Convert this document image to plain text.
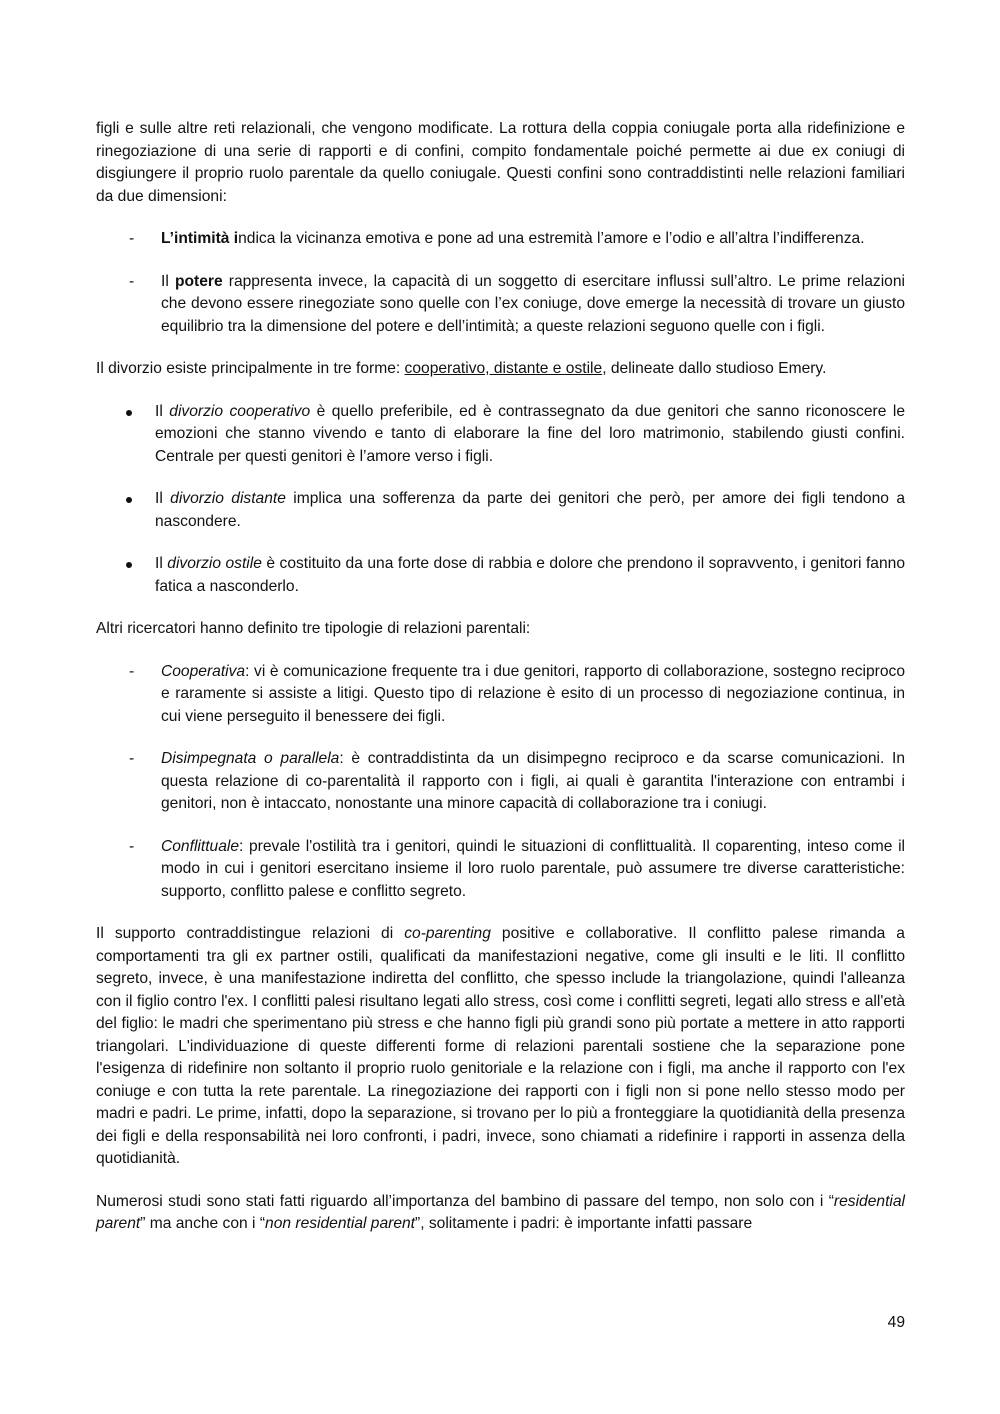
figli e sulle altre reti relazionali, che vengono modificate. La rottura della coppia coniugale porta alla ridefinizione e rinegoziazione di una serie di rapporti e di confini, compito fondamentale poiché permette ai due ex coniugi di disgiungere il proprio ruolo parentale da quello coniugale. Questi confini sono contraddistinti nelle relazioni familiari da due dimensioni:

- L’intimità indica la vicinanza emotiva e pone ad una estremità l’amore e l’odio e all’altra l’indifferenza.
- Il potere rappresenta invece, la capacità di un soggetto di esercitare influssi sull’altro. Le prime relazioni che devono essere rinegoziate sono quelle con l’ex coniuge, dove emerge la necessità di trovare un giusto equilibrio tra la dimensione del potere e dell’intimità; a queste relazioni seguono quelle con i figli.

Il divorzio esiste principalmente in tre forme: cooperativo, distante e ostile, delineate dallo studioso Emery.

Il divorzio cooperativo è quello preferibile, ed è contrassegnato da due genitori che sanno riconoscere le emozioni che stanno vivendo e tanto di elaborare la fine del loro matrimonio, stabilendo giusti confini. Centrale per questi genitori è l’amore verso i figli.
Il divorzio distante implica una sofferenza da parte dei genitori che però, per amore dei figli tendono a nascondere.
Il divorzio ostile è costituito da una forte dose di rabbia e dolore che prendono il sopravvento, i genitori fanno fatica a nasconderlo.

Altri ricercatori hanno definito tre tipologie di relazioni parentali:

- Cooperativa: vi è comunicazione frequente tra i due genitori, rapporto di collaborazione, sostegno reciproco e raramente si assiste a litigi. Questo tipo di relazione è esito di un processo di negoziazione continua, in cui viene perseguito il benessere dei figli.
- Disimpegnata o parallela: è contraddistinta da un disimpegno reciproco e da scarse comunicazioni. In questa relazione di co-parentalità il rapporto con i figli, ai quali è garantita l'interazione con entrambi i genitori, non è intaccato, nonostante una minore capacità di collaborazione tra i coniugi.
- Conflittuale: prevale l'ostilità tra i genitori, quindi le situazioni di conflittualità. Il coparenting, inteso come il modo in cui i genitori esercitano insieme il loro ruolo parentale, può assumere tre diverse caratteristiche: supporto, conflitto palese e conflitto segreto.

Il supporto contraddistingue relazioni di co-parenting positive e collaborative. Il conflitto palese rimanda a comportamenti tra gli ex partner ostili, qualificati da manifestazioni negative, come gli insulti e le liti. Il conflitto segreto, invece, è una manifestazione indiretta del conflitto, che spesso include la triangolazione, quindi l'alleanza con il figlio contro l'ex. I conflitti palesi risultano legati allo stress, così come i conflitti segreti, legati allo stress e all'età del figlio: le madri che sperimentano più stress e che hanno figli più grandi sono più portate a mettere in atto rapporti triangolari. L'individuazione di queste differenti forme di relazioni parentali sostiene che la separazione pone l'esigenza di ridefinire non soltanto il proprio ruolo genitoriale e la relazione con i figli, ma anche il rapporto con l'ex coniuge e con tutta la rete parentale. La rinegoziazione dei rapporti con i figli non si pone nello stesso modo per madri e padri. Le prime, infatti, dopo la separazione, si trovano per lo più a fronteggiare la quotidianità della presenza dei figli e della responsabilità nei loro confronti, i padri, invece, sono chiamati a ridefinire i rapporti in assenza della quotidianità.

Numerosi studi sono stati fatti riguardo all’importanza del bambino di passare del tempo, non solo con i “residential parent” ma anche con i “non residential parent”, solitamente i padri: è importante infatti passare

49
